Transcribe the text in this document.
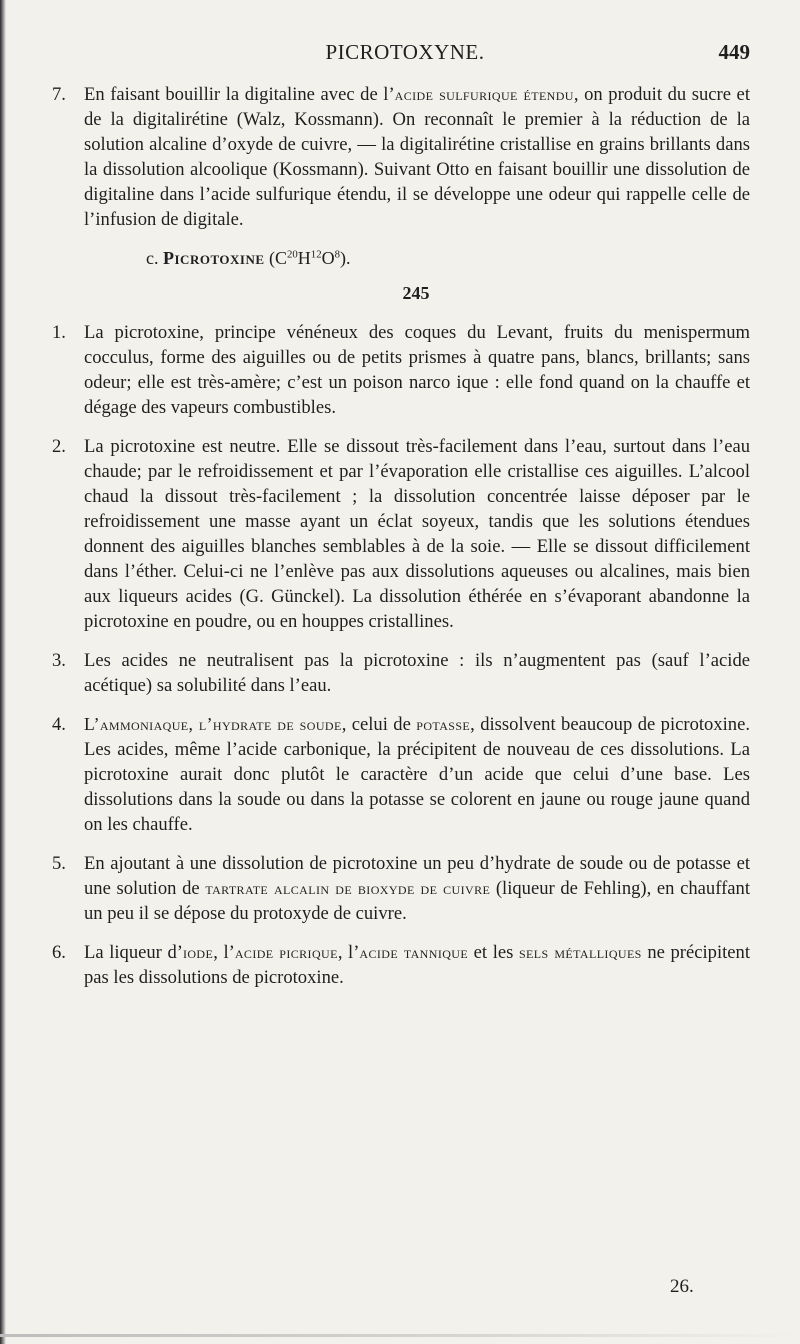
PICROTOXYNE.	449

7. En faisant bouillir la digitaline avec de l’acide sulfurique étendu, on produit du sucre et de la digitalirétine (Walz, Kossmann). On reconnaît le premier à la réduction de la solution alcaline d’oxyde de cuivre, — la digitalirétine cristallise en grains brillants dans la dissolution alcoolique (Kossmann). Suivant Otto en faisant bouillir une dissolution de digitaline dans l’acide sulfurique étendu, il se développe une odeur qui rappelle celle de l’infusion de digitale.

c. Picrotoxine $(C^{20}H^{12}O^8)$.
245

1. La picrotoxine, principe vénéneux des coques du Levant, fruits du menispermum cocculus, forme des aiguilles ou de petits prismes à quatre pans, blancs, brillants; sans odeur; elle est très-amère; c’est un poison narco ique : elle fond quand on la chauffe et dégage des vapeurs combustibles.

2. La picrotoxine est neutre. Elle se dissout très-facilement dans l’eau, surtout dans l’eau chaude; par le refroidissement et par l’évaporation elle cristallise ces aiguilles. L’alcool chaud la dissout très-facilement ; la dissolution concentrée laisse déposer par le refroidissement une masse ayant un éclat soyeux, tandis que les solutions étendues donnent des aiguilles blanches semblables à de la soie. — Elle se dissout difficilement dans l’éther. Celui-ci ne l’enlève pas aux dissolutions aqueuses ou alcalines, mais bien aux liqueurs acides (G. Günckel). La dissolution éthérée en s’évaporant abandonne la picrotoxine en poudre, ou en houppes cristallines.

3. Les acides ne neutralisent pas la picrotoxine : ils n’augmentent pas (sauf l’acide acétique) sa solubilité dans l’eau.

4. L’ammoniaque, l’hydrate de soude, celui de potasse, dissolvent beaucoup de picrotoxine. Les acides, même l’acide carbonique, la précipitent de nouveau de ces dissolutions. La picrotoxine aurait donc plutôt le caractère d’un acide que celui d’une base. Les dissolutions dans la soude ou dans la potasse se colorent en jaune ou rouge jaune quand on les chauffe.

5. En ajoutant à une dissolution de picrotoxine un peu d’hydrate de soude ou de potasse et une solution de tartrate alcalin de bioxyde de cuivre (liqueur de Fehling), en chauffant un peu il se dépose du protoxyde de cuivre.

6. La liqueur d’iode, l’acide picrique, l’acide tannique et les sels métalliques ne précipitent pas les dissolutions de picrotoxine.

26.
